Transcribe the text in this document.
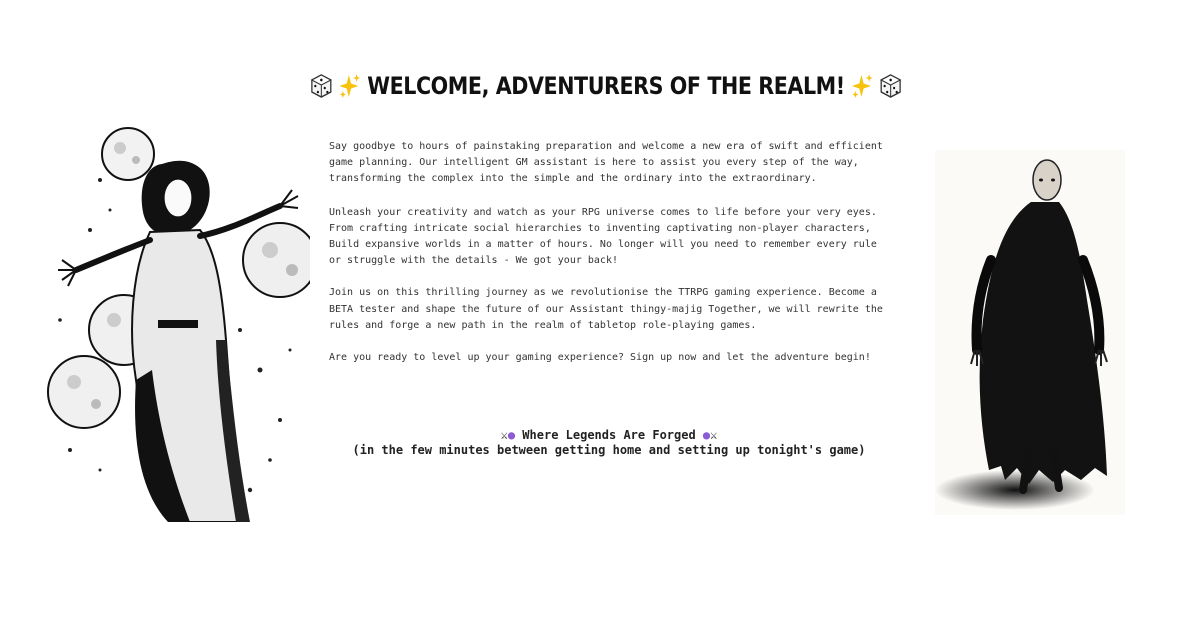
WELCOME, ADVENTURERS OF THE REALM!

Say goodbye to hours of painstaking preparation and welcome a new era of swift and efficient game planning. Our intelligent GM assistant is here to assist you every step of the way, transforming the complex into the simple and the ordinary into the extraordinary.

Unleash your creativity and watch as your RPG universe comes to life before your very eyes. From crafting intricate social hierarchies to inventing captivating non-player characters, Build expansive worlds in a matter of hours. No longer will you need to remember every rule or struggle with the details - We got your back!

Join us on this thrilling journey as we revolutionise the TTRPG gaming experience. Become a BETA tester and shape the future of our Assistant thingy-majig Together, we will rewrite the rules and forge a new path in the realm of tabletop role-playing games.

Are you ready to level up your gaming experience? Sign up now and let the adventure begin!

⚔● Where Legends Are Forged ●⚔
(in the few minutes between getting home and setting up tonight's game)
